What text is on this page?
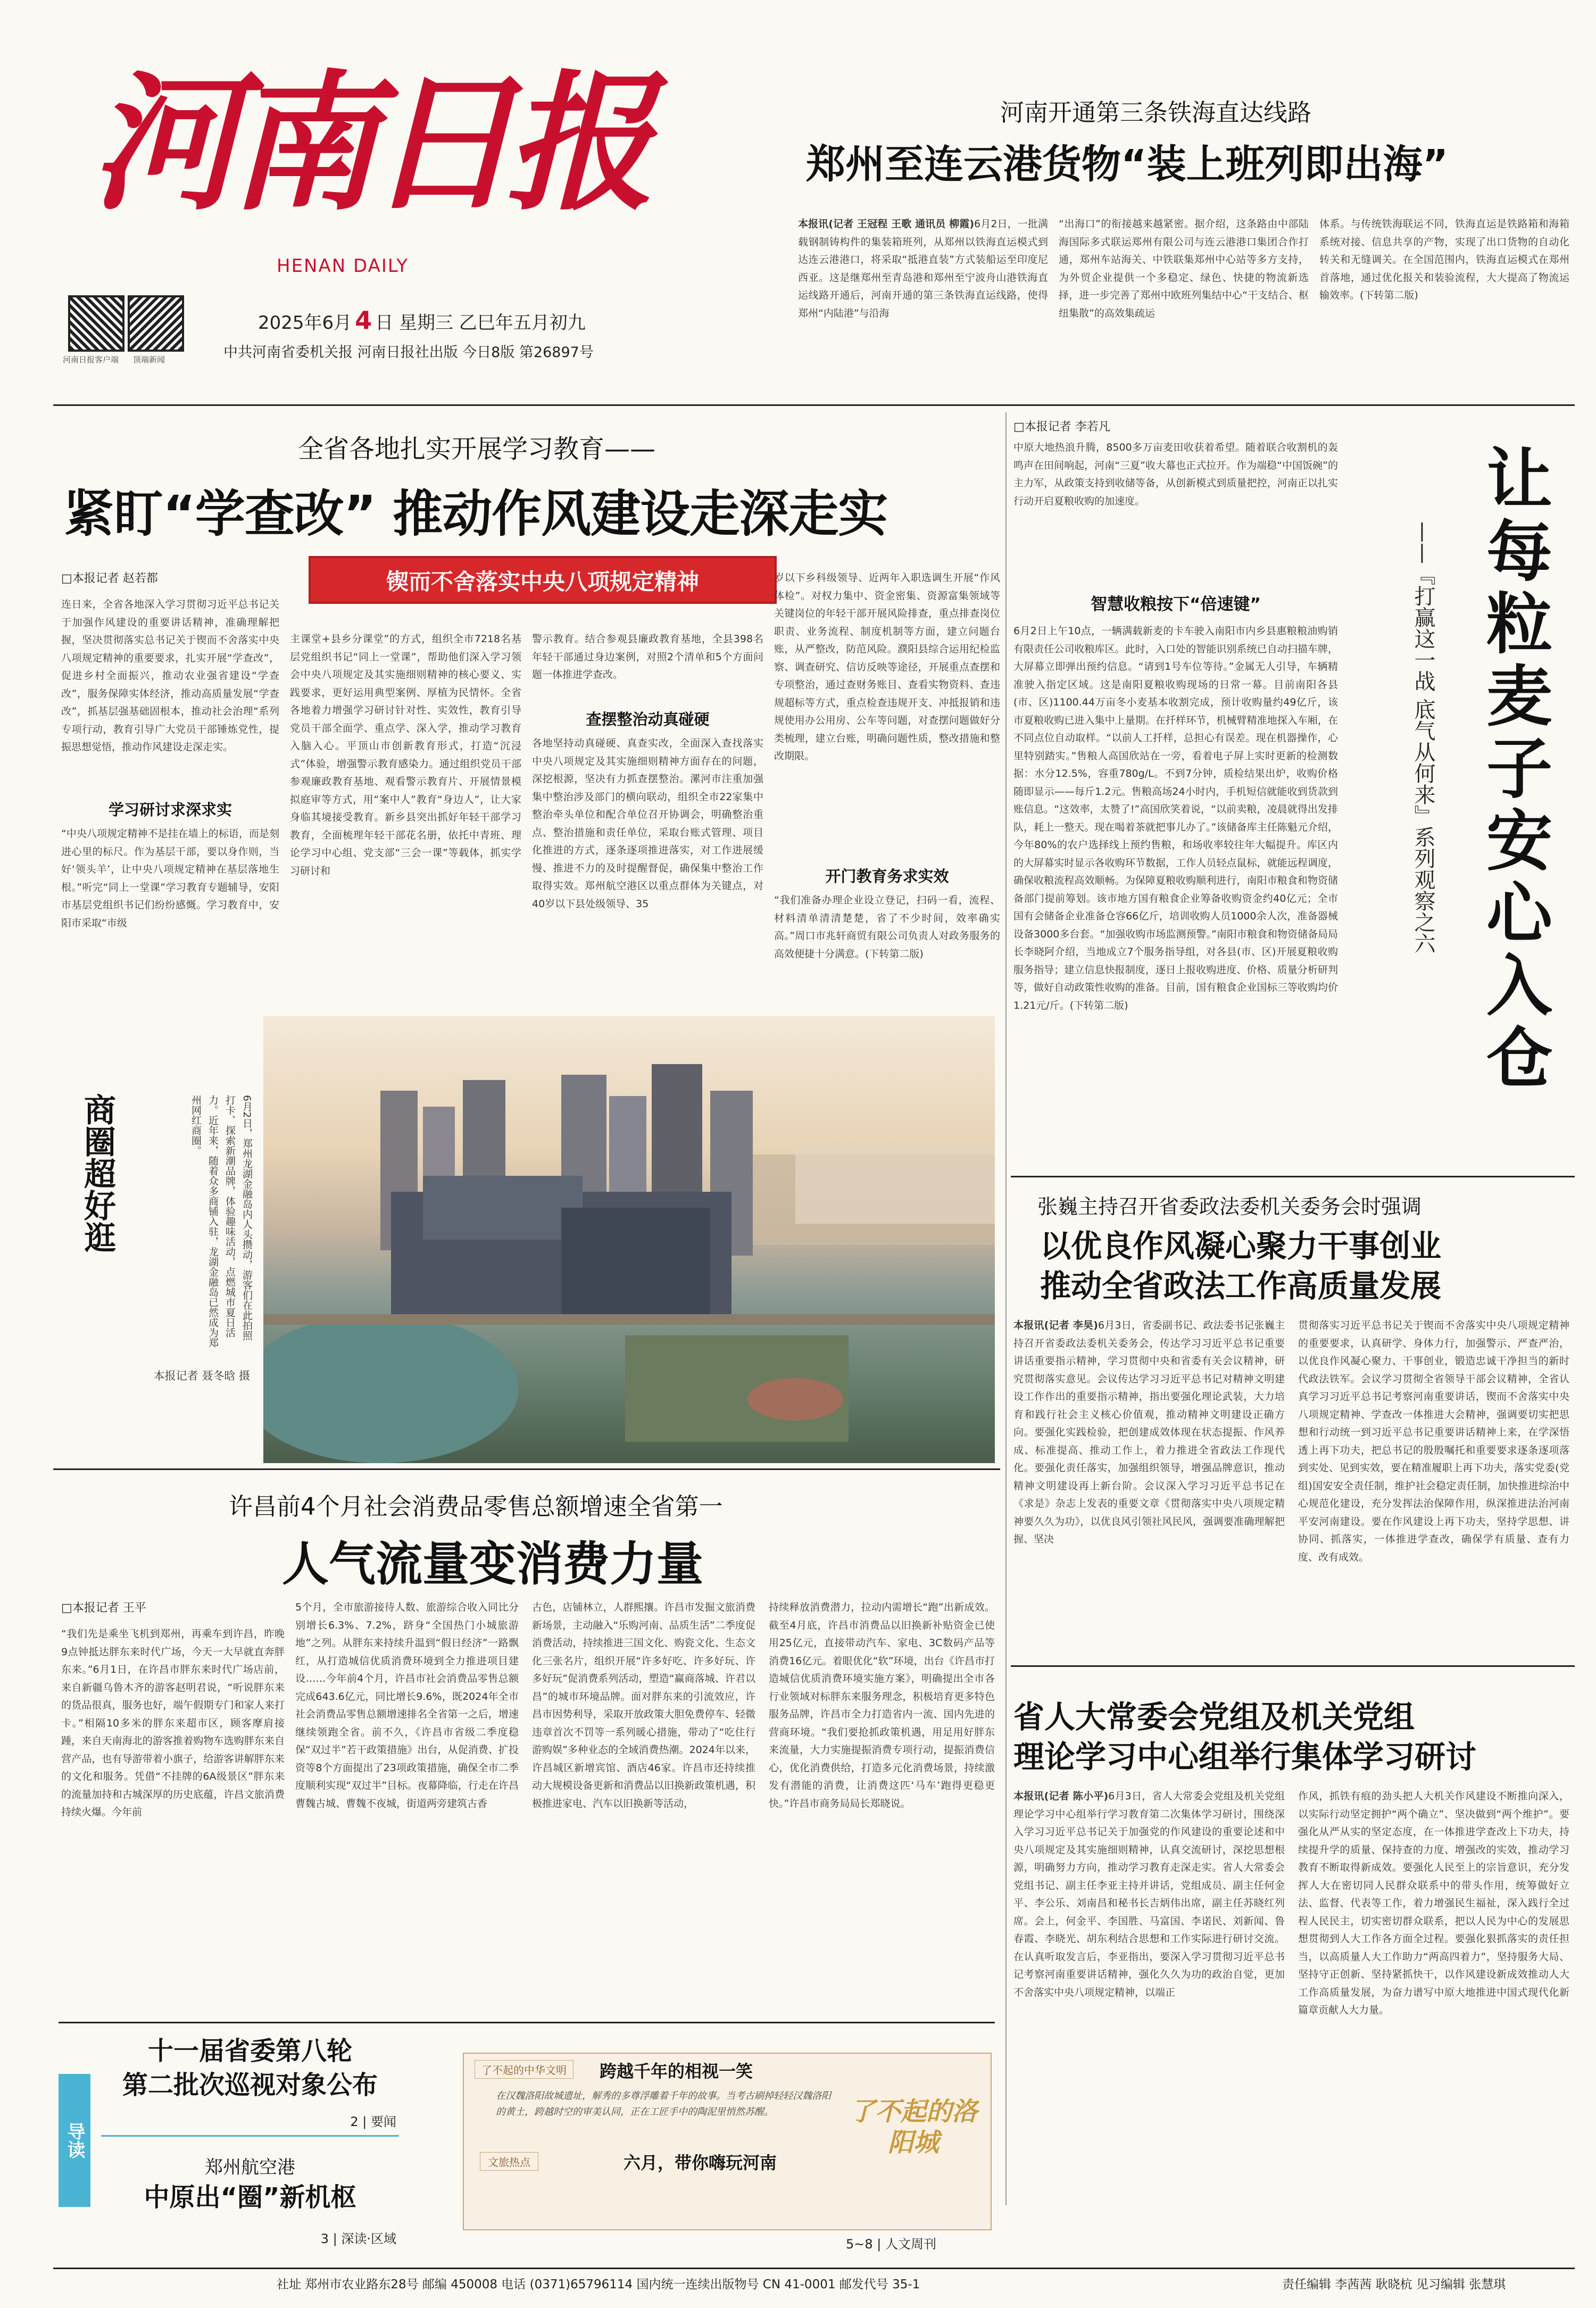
河南日报
HENAN DAILY
河南日报客户端 顶端新闻
2025年6月 4 日 星期三 乙巳年五月初九
中共河南省委机关报 河南日报社出版 今日8版 第26897号
河南开通第三条铁海直达线路
郑州至连云港货物“装上班列即出海”
本报讯(记者 王冠程 王歌 通讯员 柳霞)6月2日，一批满载钢制铸构件的集装箱班列，从郑州以铁海直运模式到达连云港港口，将采取“抵港直装”方式装船运至印度尼西亚。这是继郑州至青岛港和郑州至宁波舟山港铁海直运线路开通后，河南开通的第三条铁海直运线路，使得郑州“内陆港”与沿海
“出海口”的衔接越来越紧密。据介绍，这条路由中部陆海国际多式联运郑州有限公司与连云港港口集团合作打通，郑州车站海关、中铁联集郑州中心站等多方支持，为外贸企业提供一个多稳定、绿色、快捷的物流新选择，进一步完善了郑州中欧班列集结中心“干支结合、枢纽集散”的高效集疏运
体系。与传统铁海联运不同，铁海直运是铁路箱和海箱系统对接、信息共享的产物，实现了出口货物的自动化转关和无缝调关。在全国范围内，铁海直运模式在郑州首落地，通过优化报关和装验流程，大大提高了物流运输效率。(下转第二版)
全省各地扎实开展学习教育——
紧盯“学查改” 推动作风建设走深走实
□本报记者 赵若都	锲而不舍落实中央八项规定精神
连日来，全省各地深入学习贯彻习近平总书记关于加强作风建设的重要讲话精神，准确理解把握，坚决贯彻落实总书记关于锲而不舍落实中央八项规定精神的重要要求，扎实开展“学查改”，促进乡村全面振兴，推动农业强省建设“学查改”，服务保障实体经济，推动高质量发展“学查改”，抓基层强基础固根本，推动社会治理“系列专项行动，教育引导广大党员干部锤炼党性，提振思想觉悟，推动作风建设走深走实。
学习研讨求深求实
“中央八项规定精神不是挂在墙上的标语，而是刻进心里的标尺。作为基层干部，要以身作则，当好‘领头羊’，让中央八项规定精神在基层落地生根。”听完“同上一堂课”学习教育专题辅导，安阳市基层党组织书记们纷纷感慨。学习教育中，安阳市采取“市级
主课堂+县乡分课堂”的方式，组织全市7218名基层党组织书记“同上一堂课”，帮助他们深入学习领会中央八项规定及其实施细则精神的核心要义、实践要求，更好运用典型案例、厚植为民情怀。全省各地着力增强学习研讨针对性、实效性，教育引导党员干部全面学、重点学、深入学，推动学习教育入脑入心。平顶山市创新教育形式，打造“沉浸式”体验，增强警示教育感染力。通过组织党员干部参观廉政教育基地、观看警示教育片、开展情景模拟庭审等方式，用“案中人”教育“身边人”，让大家身临其境接受教育。新乡县突出抓好年轻干部学习教育，全面梳理年轻干部花名册，依托中青班、理论学习中心组、党支部“三会一课”等载体，抓实学习研讨和
警示教育。结合参观县廉政教育基地，全县398名年轻干部通过身边案例，对照2个清单和5个方面问题一体推进学查改。
查摆整治动真碰硬
各地坚持动真碰硬、真查实改，全面深入查找落实中央八项规定及其实施细则精神方面存在的问题，深挖根源，坚决有力抓查摆整治。漯河市注重加强集中整治涉及部门的横向联动，组织全市22家集中整治牵头单位和配合单位召开协调会，明确整治重点、整治措施和责任单位，采取台账式管理、项目化推进的方式，逐条逐项推进落实，对工作进展缓慢、推进不力的及时提醒督促，确保集中整治工作取得实效。郑州航空港区以重点群体为关键点，对40岁以下县处级领导、35
岁以下乡科级领导、近两年入职选调生开展“作风体检”。对权力集中、资金密集、资源富集领域等关键岗位的年轻干部开展风险排查，重点排查岗位职责、业务流程、制度机制等方面，建立问题台账，从严整改，防范风险。濮阳县综合运用纪检监察、调查研究、信访反映等途径，开展重点查摆和专项整治，通过查财务账目、查看实物资料、查违规超标等方式，重点检查违规开支、冲抵报销和违规使用办公用房、公车等问题，对查摆问题做好分类梳理，建立台账，明确问题性质，整改措施和整改期限。
开门教育务求实效
“我们准备办理企业设立登记，扫码一看，流程、材料清单清清楚楚，省了不少时间，效率确实高。”周口市兆轩商贸有限公司负责人对政务服务的高效便捷十分满意。(下转第二版)
商圈超好逛	6月2日，郑州龙湖金融岛内人头攒动，游客们在此拍照打卡、探索新潮品牌，体验趣味活动，点燃城市夏日活力。近年来，随着众多商铺入驻，龙湖金融岛已然成为郑州网红商圈。
本报记者 聂冬晗 摄
许昌前4个月社会消费品零售总额增速全省第一
人气流量变消费力量
□本报记者 王平
“我们先是乘坐飞机到郑州，再乘车到许昌，昨晚9点钟抵达胖东来时代广场，今天一大早就直奔胖东来。”6月1日，在许昌市胖东来时代广场店前，来自新疆乌鲁木齐的游客赵明君说，“听说胖东来的货品很真，服务也好，端午假期专门和家人来打卡。”相隔10多米的胖东来超市区，顾客摩肩接踵，来自天南海北的游客推着购物车选购胖东来自营产品，也有导游带着小旗子，给游客讲解胖东来的文化和服务。凭借“不挂牌的6A级景区”胖东来的流量加持和古城深厚的历史底蕴，许昌文旅消费持续火爆。今年前
5个月，全市旅游接待人数、旅游综合收入同比分别增长6.3%、7.2%，跻身“全国热门小城旅游地”之列。从胖东来持续升温到“假日经济”一路飘红，从打造城信优质消费环境到全力推进项目建设……今年前4个月，许昌市社会消费品零售总额完成643.6亿元，同比增长9.6%，既2024年全市社会消费品零售总额增速排名全省第一之后，增速继续领跑全省。前不久，《许昌市省级二季度稳保“双过半”若干政策措施》出台，从促消费、扩投资等8个方面提出了23项政策措施，确保全市二季度顺利实现“双过半”目标。夜幕降临，行走在许昌曹魏古城、曹魏不夜城，街道两旁建筑古香
古色，店铺林立，人群熙攘。许昌市发掘文旅消费新场景，主动融入“乐购河南、品质生活”二季度促消费活动，持续推进三国文化、购瓷文化、生态文化三张名片，组织开展“许多好吃、许多好玩、许多好玩”促消费系列活动，塑造“赢商落城、许君以昌”的城市环境品牌。面对胖东来的引流效应，许昌市因势利导，采取开放政策大胆免费停车、轻微违章首次不罚等一系列暖心措施，带动了“吃住行游购娱”多种业态的全域消费热潮。2024年以来，许昌城区新增宾馆、酒店46家。许昌市还持续推动大规模设备更新和消费品以旧换新政策机遇，积极推进家电、汽车以旧换新等活动，
持续释放消费潜力，拉动内需增长“跑”出新成效。截至4月底，许昌市消费品以旧换新补贴资金已使用25亿元，直接带动汽车、家电、3C数码产品等消费16亿元。着眼优化“软”环境，出台《许昌市打造城信优质消费环境实施方案》，明确提出全市各行业领域对标胖东来服务理念，积极培育更多特色服务品牌，许昌市全力打造省内一流、国内先进的营商环境。“我们要抢抓政策机遇，用足用好胖东来流量，大力实施提振消费专项行动，提振消费信心，优化消费供给，打造多元化消费场景，持续激发有潜能的消费，让消费这匹‘马车’跑得更稳更快。”许昌市商务局局长郑晓说。
导读
十一届省委第八轮
第二批次巡视对象公布
2 | 要闻
郑州航空港
中原出“圈”新机枢
3 | 深读·区域
了不起的中华文明	跨越千年的相视一笑
在汉魏洛阳故城遗址，解秀的多尊浮雕着千年的故事。当考古刷掉轻轻汉魏洛阳的黄土，跨越时空的审美认同，正在工匠手中的陶泥里悄然苏醒。	了不起的洛阳城
文旅热点	六月，带你嗨玩河南
5~8 | 人文周刊
□本报记者 李若凡
中原大地热浪升腾，8500多万亩麦田收获着希望。随着联合收割机的轰鸣声在田间响起，河南“三夏”收大幕也正式拉开。作为端稳“中国饭碗”的主力军，从政策支持到收储等备，从创新模式到质量把控，河南正以扎实行动开启夏粮收购的加速度。
智慧收粮按下“倍速键”
6月2日上午10点，一辆满载新麦的卡车驶入南阳市内乡县惠粮粮油购销有限责任公司收粮库区。此时，入口处的智能识别系统已自动扫描车牌，大屏幕立即弹出预约信息。“请到1号车位等待。”金属无人引导，车辆精准驶入指定区域。这是南阳夏粮收购现场的日常一幕。目前南阳各县(市、区)1100.44万亩冬小麦基本收割完成，预计收购量约49亿斤，该市夏粮收购已进入集中上量期。在扦样环节，机械臂精准地探入车厢，在不同点位自动取样。“以前人工扦样，总担心有误差。现在机器操作，心里特别踏实。”售粮人高国欣站在一旁，看着电子屏上实时更新的检测数据：水分12.5%，容重780g/L。不到7分钟，质检结果出炉，收购价格随即显示——每斤1.2元。售粮高场24小时内，手机短信就能收到货款到账信息。“这效率，太赞了!”高国欣笑着说，“以前卖粮，凌晨就得出发排队，耗上一整天。现在喝着茶就把事儿办了。”该储备库主任陈魁元介绍，今年80%的农户选择线上预约售粮，和场收率较往年大幅提升。库区内的大屏幕实时显示各收购环节数据，工作人员轻点鼠标，就能远程调度，确保收粮流程高效顺畅。为保障夏粮收购顺利进行，南阳市粮食和物资储备部门提前筹划。该市地方国有粮食企业筹备收购资金约40亿元；全市国有会储备企业准备仓容66亿斤，培训收购人员1000余人次，准备器械设备3000多台套。“加强收购市场监测预警。”南阳市粮食和物资储备局局长李晓阿介绍，当地成立7个服务指导组，对各县(市、区)开展夏粮收购服务指导；建立信息快报制度，逐日上报收购进度、价格、质量分析研判等，做好自动政策性收购的准备。目前，国有粮食企业国标三等收购均价1.21元/斤。(下转第二版)	让每粒麦子安心入仓
——『打赢这一战 底气从何来』系列观察之六
张巍主持召开省委政法委机关委务会时强调
以优良作风凝心聚力干事创业
推动全省政法工作高质量发展
本报讯(记者 李昊)6月3日，省委副书记、政法委书记张巍主持召开省委政法委机关委务会，传达学习习近平总书记重要讲话重要指示精神，学习贯彻中央和省委有关会议精神，研究贯彻落实意见。会议传达学习习近平总书记对精神文明建设工作作出的重要指示精神，指出要强化理论武装，大力培育和践行社会主义核心价值观，推动精神文明建设正确方向。要强化实践检验，把创建成效体现在状态提振、作风养成、标准提高、推动工作上，着力推进全省政法工作现代化。要强化责任落实，加强组织领导，增强品牌意识，推动精神文明建设再上新台阶。会议深入学习习近平总书记在《求是》杂志上发表的重要文章《贯彻落实中央八项规定精神要久久为功》，以优良风引领社风民风，强调要准确理解把握、坚决
贯彻落实习近平总书记关于锲而不舍落实中央八项规定精神的重要要求，认真研学、身体力行，加强警示、严查严治，以优良作风凝心聚力、干事创业，锻造忠诚干净担当的新时代政法铁军。会议学习贯彻全省领导干部会议精神，全省认真学习习近平总书记考察河南重要讲话，锲而不舍落实中央八项规定精神、学查改一体推进大会精神，强调要切实把思想和行动统一到习近平总书记重要讲话精神上来，在学深悟透上再下功夫，把总书记的殷殷嘱托和重要要求逐条逐项落到实处、见到实效，要在精准履职上再下功夫，落实党委(党组)国安安全责任制，维护社会稳定责任制，加快推进综治中心规范化建设，充分发挥法治保障作用，纵深推进法治河南平安河南建设。要在作风建设上再下功夫，坚持学思想、讲协同、抓落实，一体推进学查改，确保学有质量、查有力度、改有成效。
省人大常委会党组及机关党组
理论学习中心组举行集体学习研讨
本报讯(记者 陈小平)6月3日，省人大常委会党组及机关党组理论学习中心组举行学习教育第二次集体学习研讨，围绕深入学习习近平总书记关于加强党的作风建设的重要论述和中央八项规定及其实施细则精神，认真交流研讨，深挖思想根源，明确努力方向，推动学习教育走深走实。省人大常委会党组书记、副主任李亚主持并讲话，党组成员、副主任何金平、李公乐、刘南昌和秘书长吉炳伟出席，副主任苏晓红列席。会上，何金平、李国胜、马富国、李诺民、刘新闻、鲁春霞、李晓光、胡东利结合思想和工作实际进行研讨交流。在认真听取发言后，李亚指出，要深入学习贯彻习近平总书记考察河南重要讲话精神，强化久久为功的政治自觉，更加不舍落实中央八项规定精神，以端正
作风，抓铁有痕的劲头把人大机关作风建设不断推向深入，以实际行动坚定拥护“两个确立”、坚决做到“两个维护”。要强化从严从实的坚定态度，在一体推进学查改上下功夫，持续提升学的质量、保持查的力度、增强改的实效，推动学习教育不断取得新成效。要强化人民至上的宗旨意识，充分发挥人大在密切同人民群众联系中的带头作用，统筹做好立法、监督、代表等工作，着力增强民生福祉，深入践行全过程人民民主，切实密切群众联系，把以人民为中心的发展思想贯彻到人大工作各方面全过程。要强化狠抓落实的责任担当，以高质量人大工作助力“两高四着力”，坚持服务大局、坚持守正创新、坚持紧抓快干，以作风建设新成效推动人大工作高质量发展，为奋力谱写中原大地推进中国式现代化新篇章贡献人大力量。
社址 郑州市农业路东28号 邮编 450008 电话 (0371)65796114 国内统一连续出版物号 CN 41-0001 邮发代号 35-1	责任编辑 李茜茜 耿晓杭 见习编辑 张慧琪
